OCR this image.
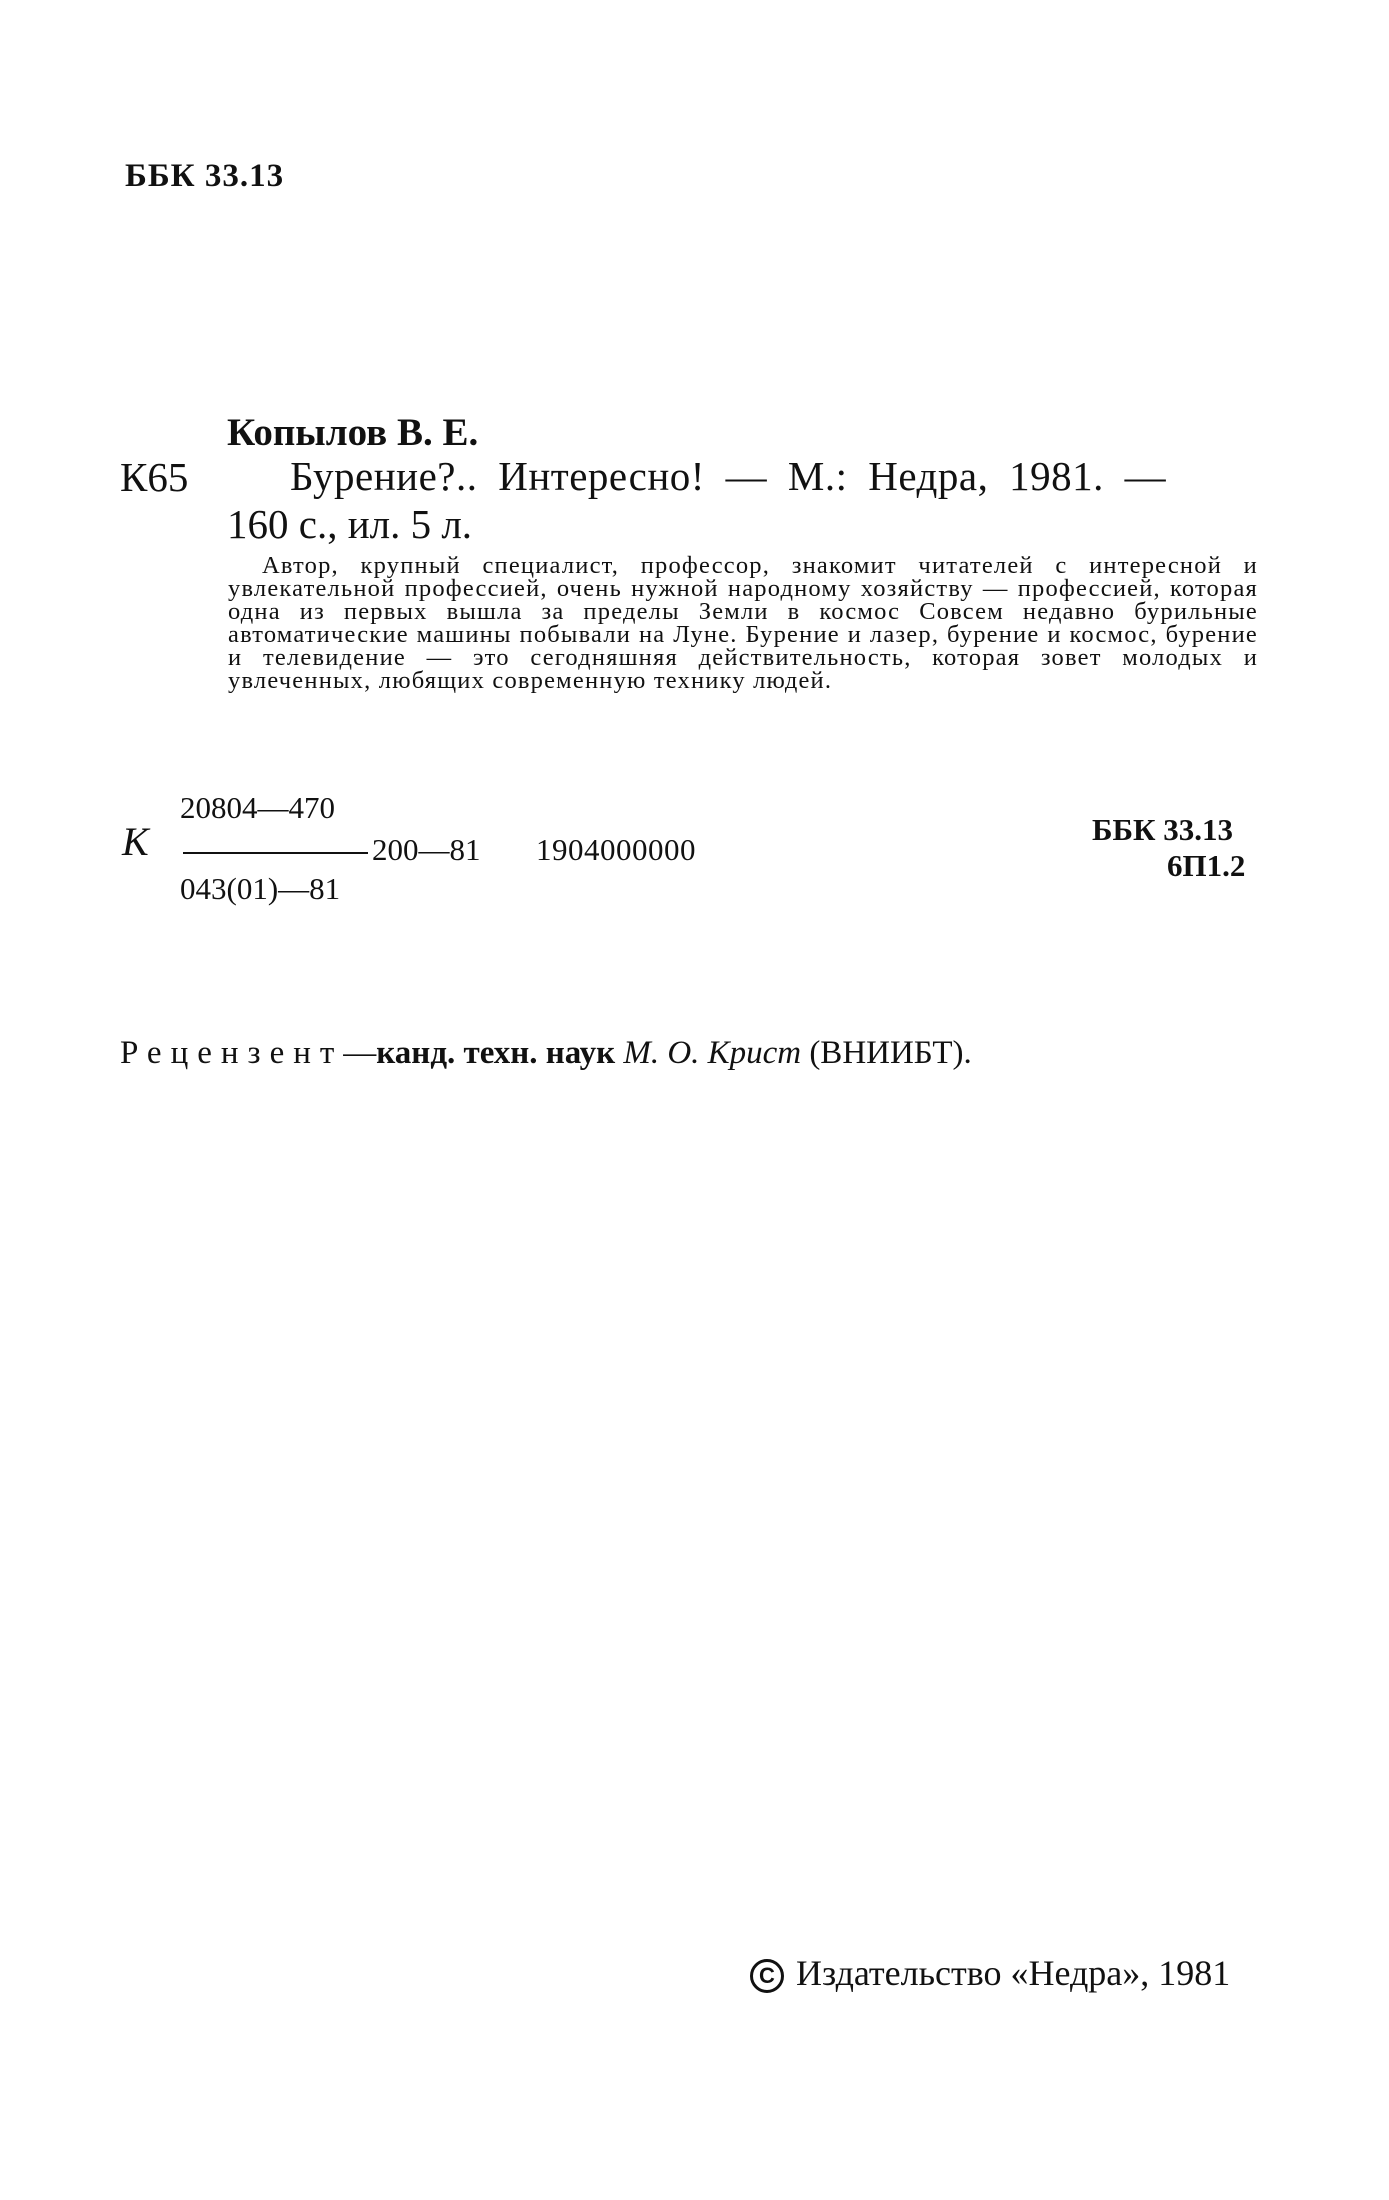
ББК 33.13
Копылов В. Е.
К65 Бурение?.. Интересно! — М.: Недра, 1981. —
160 с., ил. 5 л.
Автор, крупный специалист, профессор, знакомит читателей с интересной и увлекательной профессией, очень нужной народному хозяйству — профессией, которая одна из первых вышла за пределы Земли в космос Совсем недавно бурильные автоматические машины побывали на Луне. Бурение и лазер, бурение и космос, бурение и телевидение — это сегодняшняя действительность, которая зовет молодых и увлеченных, любящих современную технику людей.
К
20804—470
200—81
043(01)—81
1904000000
ББК 33.13
6П1.2
Рецензент—канд. техн. наук М. О. Крист (ВНИИБТ).
C Издательство «Недра», 1981
